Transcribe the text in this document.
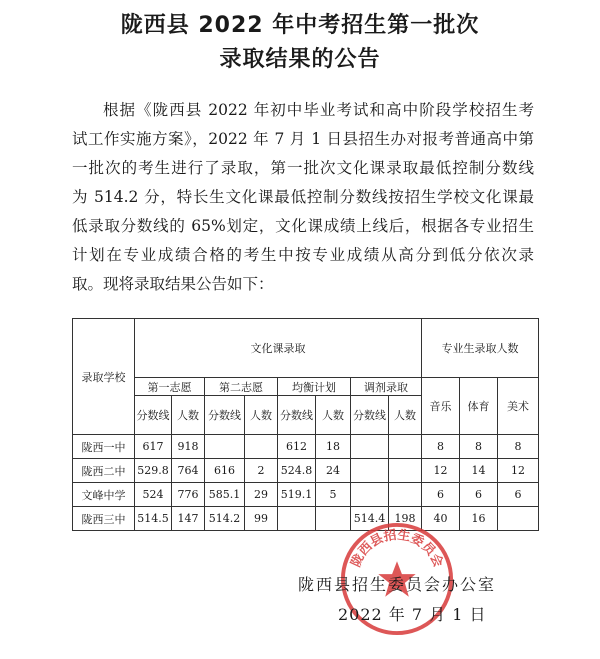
陇西县 2022 年中考招生第一批次
录取结果的公告
根据《陇西县 2022 年初中毕业考试和高中阶段学校招生考
试工作实施方案》，2022 年 7 月 1 日县招生办对报考普通高中第
一批次的考生进行了录取，第一批次文化课录取最低控制分数线
为 514.2 分，特长生文化课最低控制分数线按招生学校文化课最
低录取分数线的 65%划定，文化课成绩上线后，根据各专业招生
计划在专业成绩合格的考生中按专业成绩从高分到低分依次录
取。现将录取结果公告如下：
录取学校	文化课录取								专业生录取人数		
	第一志愿		第二志愿		均衡计划		调剂录取		音乐	体育	美术
	分数线	人数	分数线	人数	分数线	人数	分数线	人数			
陇西一中	617	918			612	18			8	8	8
陇西二中	529.8	764	616	2	524.8	24			12	14	12
文峰中学	524	776	585.1	29	519.1	5			6	6	6
陇西三中	514.5	147	514.2	99			514.4	198	40	16	
陇西县招生委员会
陇西县招生委员会办公室
2022 年 7 月 1 日
